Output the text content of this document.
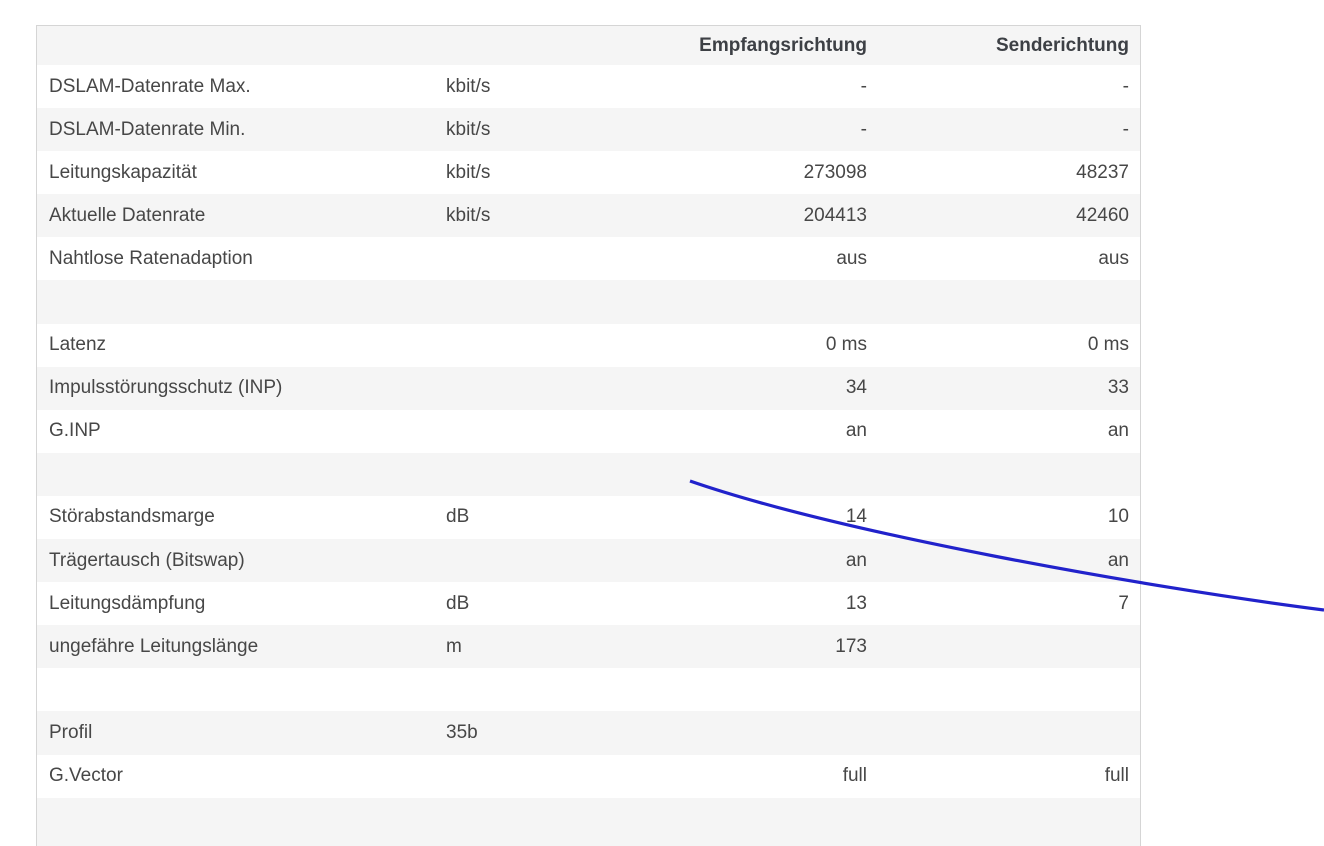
		Empfangsrichtung	Senderichtung
DSLAM-Datenrate Max.	kbit/s	-	-
DSLAM-Datenrate Min.	kbit/s	-	-
Leitungskapazität	kbit/s	273098	48237
Aktuelle Datenrate	kbit/s	204413	42460
Nahtlose Ratenadaption		aus	aus

Latenz		0 ms	0 ms
Impulsstörungsschutz (INP)		34	33
G.INP		an	an

Störabstandsmarge	dB	14	10
Trägertausch (Bitswap)		an	an
Leitungsdämpfung	dB	13	7
ungefähre Leitungslänge	m	173	

Profil	35b		
G.Vector		full	full
